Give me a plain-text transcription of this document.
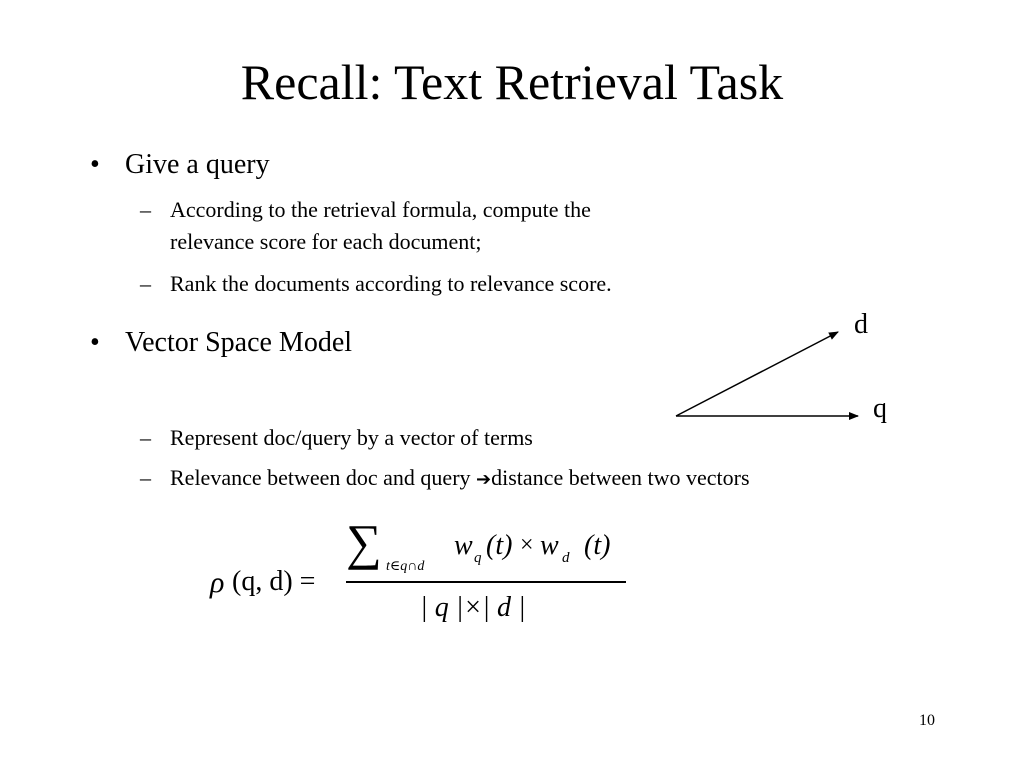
Recall: Text Retrieval Task
• Give a query
– According to the retrieval formula, compute the
relevance score for each document;
– Rank the documents according to relevance score.
• Vector Space Model
– Represent doc/query by a vector of terms
– Relevance between doc and query ➔distance between two vectors
d
q
ρ (q, d) =
∑ t∈q∩d
w q (t) × w d (t)
| q |×| d |
10
